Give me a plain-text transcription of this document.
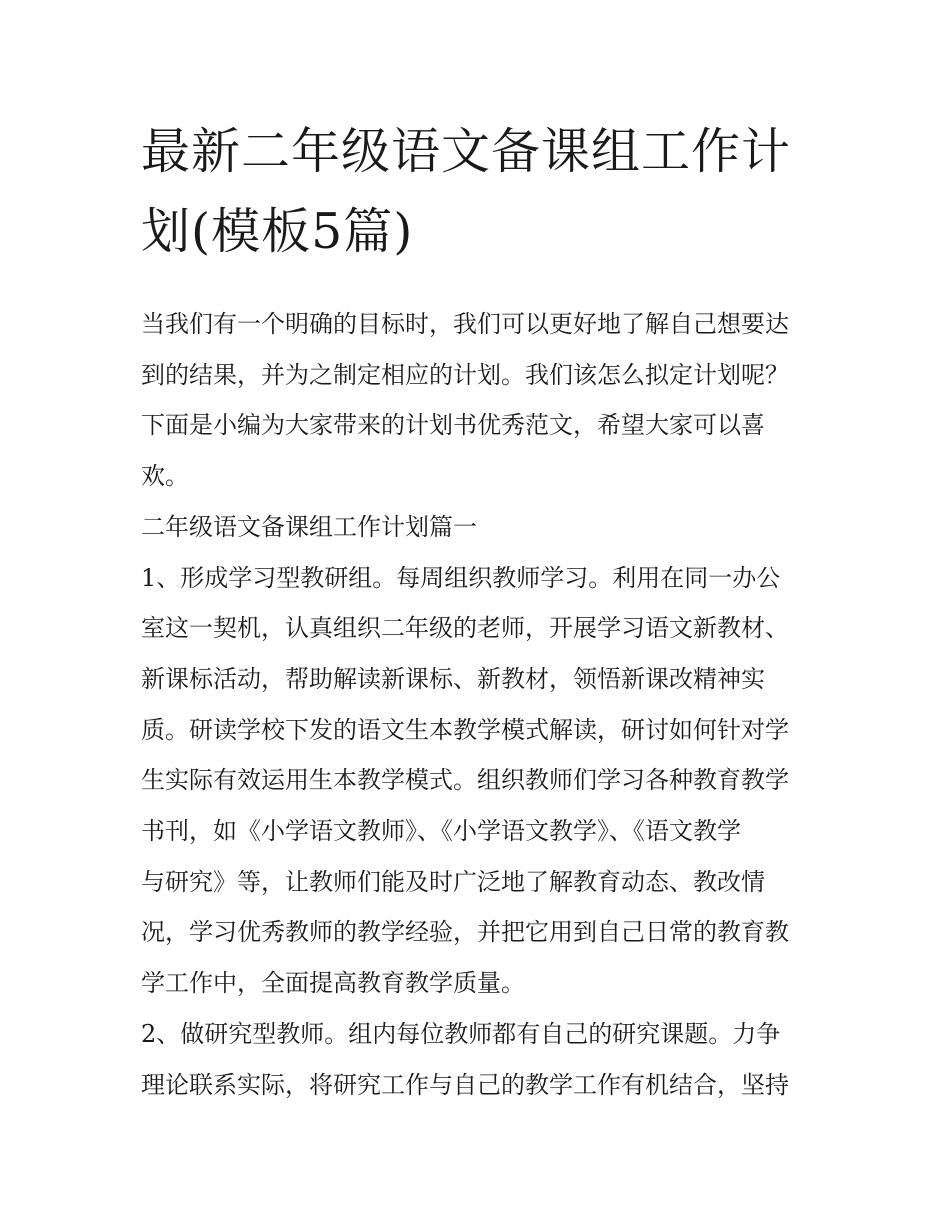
最新二年级语文备课组工作计
划(模板5篇)

当我们有一个明确的目标时，我们可以更好地了解自己想要达
到的结果，并为之制定相应的计划。我们该怎么拟定计划呢？
下面是小编为大家带来的计划书优秀范文，希望大家可以喜
欢。

二年级语文备课组工作计划篇一

1、形成学习型教研组。每周组织教师学习。利用在同一办公
室这一契机，认真组织二年级的老师，开展学习语文新教材、
新课标活动，帮助解读新课标、新教材，领悟新课改精神实
质。研读学校下发的语文生本教学模式解读，研讨如何针对学
生实际有效运用生本教学模式。组织教师们学习各种教育教学
书刊，如《小学语文教师》、《小学语文教学》、《语文教学
与研究》等，让教师们能及时广泛地了解教育动态、教改情
况，学习优秀教师的教学经验，并把它用到自己日常的教育教
学工作中，全面提高教育教学质量。

2、做研究型教师。组内每位教师都有自己的研究课题。力争
理论联系实际，将研究工作与自己的教学工作有机结合，坚持
